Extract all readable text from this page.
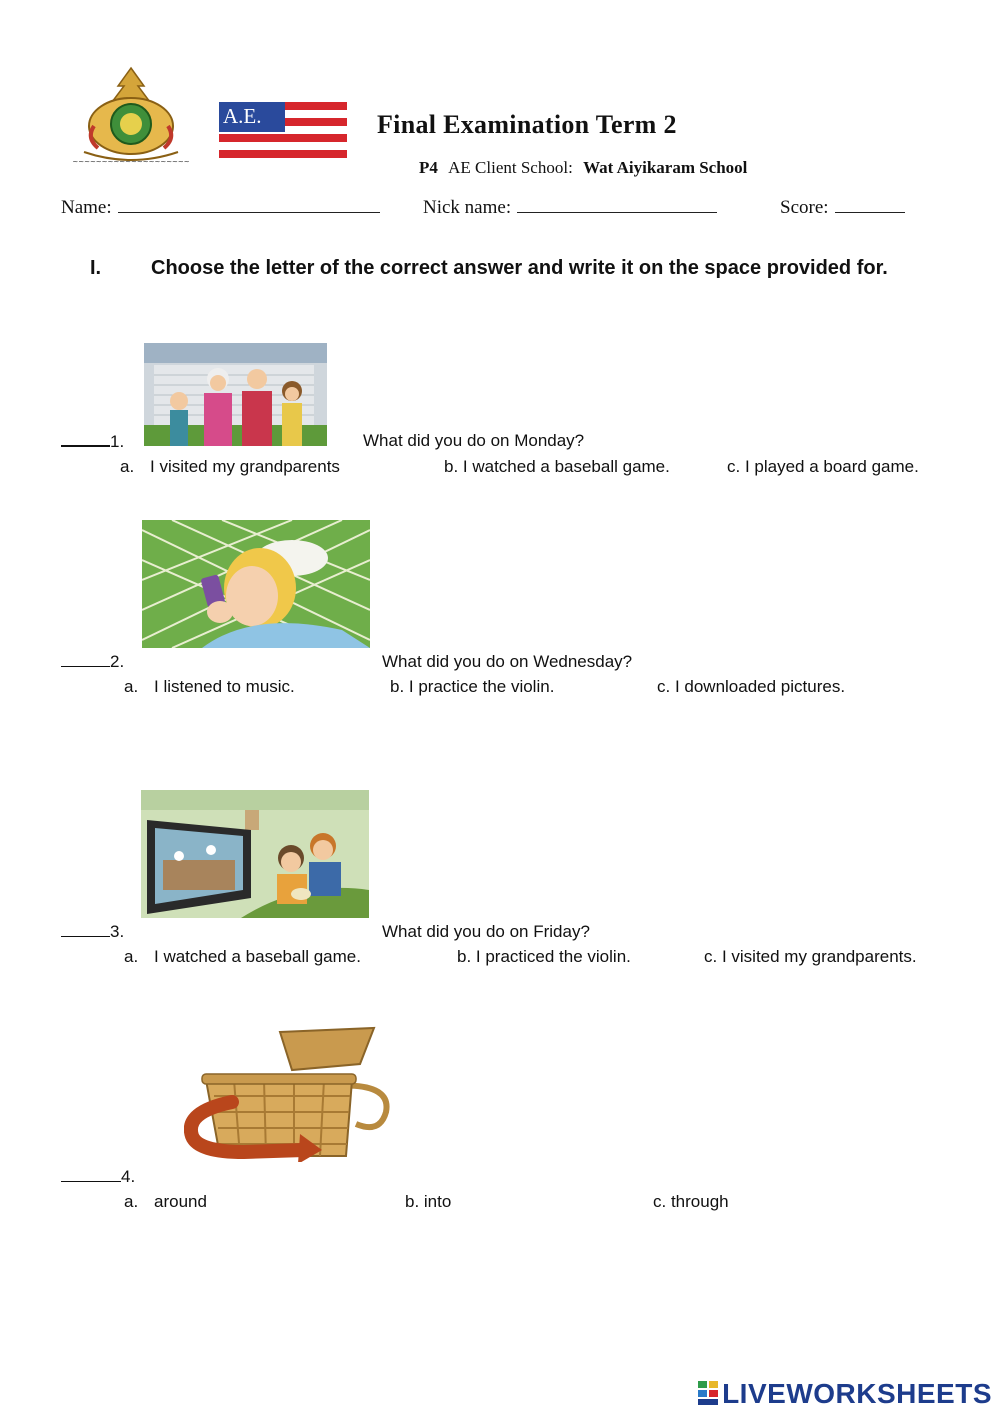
~~~~~~~~~~~~~~~~~~~~
A.E.	Final Examination Term 2
P4 AE Client School: Wat Aiyikaram School
Name:	Nick name:	Score:
I. Choose the letter of the correct answer and write it on the space provided for.
1.	What did you do on Monday?
a. I visited my grandparents	b. I watched a baseball game.	c. I played a board game.
2.	What did you do on Wednesday?
a. I listened to music.	b. I practice the violin.	c. I downloaded pictures.
3.	What did you do on Friday?
a. I watched a baseball game.	b. I practiced the violin.	c. I visited my grandparents.
4.
a. around	b. into	c. through
LIVEWORKSHEETS
